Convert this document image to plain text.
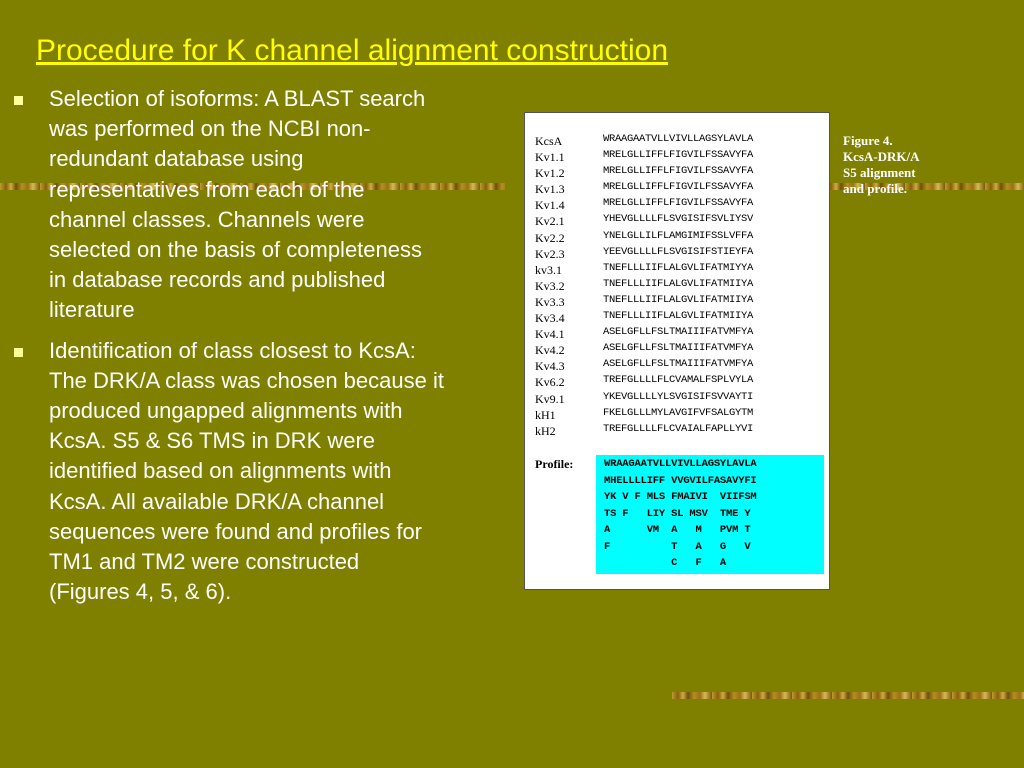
Procedure for K channel alignment construction
Selection of isoforms: A BLAST search was performed on the NCBI non-redundant database using representatives from each of the channel classes. Channels were selected on the basis of completeness in database records and published literature
Identification of class closest to KcsA: The DRK/A class was chosen because it produced ungapped alignments with KcsA. S5 & S6 TMS in DRK were identified based on alignments with KcsA. All available DRK/A channel sequences were found and profiles for TM1 and TM2 were constructed (Figures 4, 5, & 6).
KcsA
Kv1.1
Kv1.2
Kv1.3
Kv1.4
Kv2.1
Kv2.2
Kv2.3
kv3.1
Kv3.2
Kv3.3
Kv3.4
Kv4.1
Kv4.2
Kv4.3
Kv6.2
Kv9.1
kH1
kH2
WRAAGAATVLLVIVLLAGSYLAVLA
MRELGLLIFFLFIGVILFSSAVYFA
MRELGLLIFFLFIGVILFSSAVYFA
MRELGLLIFFLFIGVILFSSAVYFA
MRELGLLIFFLFIGVILFSSAVYFA
YHEVGLLLLFLSVGISIFSVLIYSV
YNELGLLILFLAMGIMIFSSLVFFA
YEEVGLLLLFLSVGISIFSTIEYFA
TNEFLLLIIFLALGVLIFATMIYYA
TNEFLLLIIFLALGVLIFATMIIYA
TNEFLLLIIFLALGVLIFATMIIYA
TNEFLLLIIFLALGVLIFATMIIYA
ASELGFLLFSLTMAIIIFATVMFYA
ASELGFLLFSLTMAIIIFATVMFYA
ASELGFLLFSLTMAIIIFATVMFYA
TREFGLLLLFLCVAMALFSPLVYLA
YKEVGLLLLYLSVGISIFSVVAYTI
FKELGLLLMYLAVGIFVFSALGYTM
TREFGLLLLFLCVAIALFAPLLYVI
Profile:	WRAAGAATVLLVIVLLAGSYLAVLA
MHELLLLIFF VVGVILFASAVYFI
YK V F MLS FMAIVI  VIIFSM
TS F   LIY SL MSV  TME Y
A      VM  A   M   PVM T
F          T   A   G   V
C   F   A
Figure 4.
KcsA-DRK/A
S5 alignment
and profile.
